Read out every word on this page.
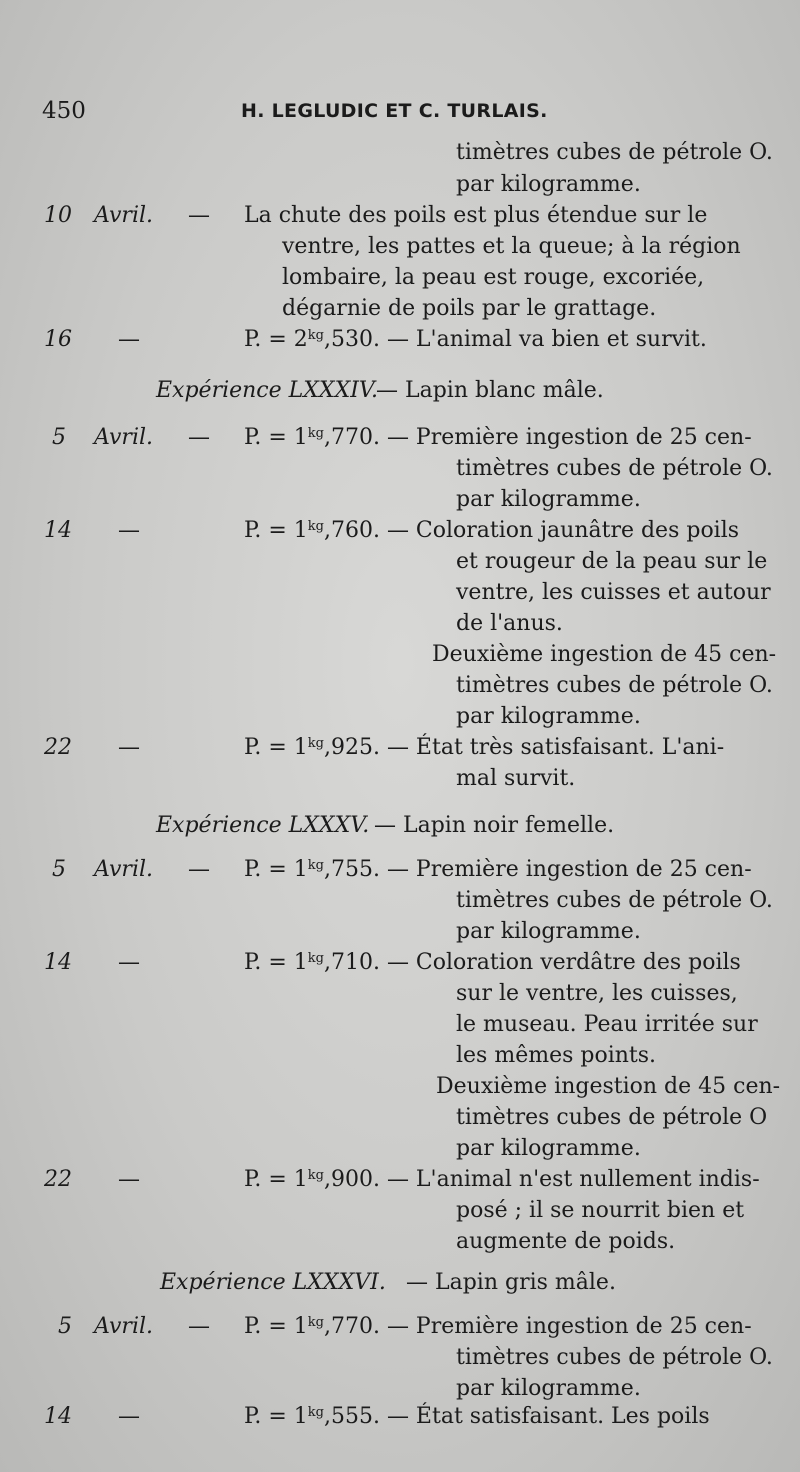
450	H. LEGLUDIC ET C. TURLAIS.
timètres cubes de pétrole O.
par kilogramme.
10 Avril. — La chute des poils est plus étendue sur le
ventre, les pattes et la queue; à la région
lombaire, la peau est rouge, excoriée,
dégarnie de poils par le grattage.
16 —	P. = $2^{kg},530$. — L'animal va bien et survit.
Expérience LXXXIV.
— Lapin blanc mâle.
5 Avril. — P. = $1^{kg},770$. — Première ingestion de 25 cen-
timètres cubes de pétrole O.
par kilogramme.
14 —	P. = $1^{kg},760$. — Coloration jaunâtre des poils
et rougeur de la peau sur le
ventre, les cuisses et autour
de l'anus.
Deuxième ingestion de 45 cen-
timètres cubes de pétrole O.
par kilogramme.
22 —	P. = $1^{kg},925$. — État très satisfaisant. L'ani-
mal survit.
Expérience LXXXV. — Lapin noir femelle.
5 Avril. — P. = $1^{kg},755$. — Première ingestion de 25 cen-
timètres cubes de pétrole O.
par kilogramme.
14 —	P. = $1^{kg},710$. — Coloration verdâtre des poils
sur le ventre, les cuisses,
le museau. Peau irritée sur
les mêmes points.
Deuxième ingestion de 45 cen-
timètres cubes de pétrole O
par kilogramme.
22 —	P. = $1^{kg},900$. — L'animal n'est nullement indis-
posé ; il se nourrit bien et
augmente de poids.
Expérience LXXXVI. — Lapin gris mâle.
5 Avril. — P. = $1^{kg},770$. — Première ingestion de 25 cen-
timètres cubes de pétrole O.
par kilogramme.
14 —	P. = $1^{kg},555$. — État satisfaisant. Les poils
